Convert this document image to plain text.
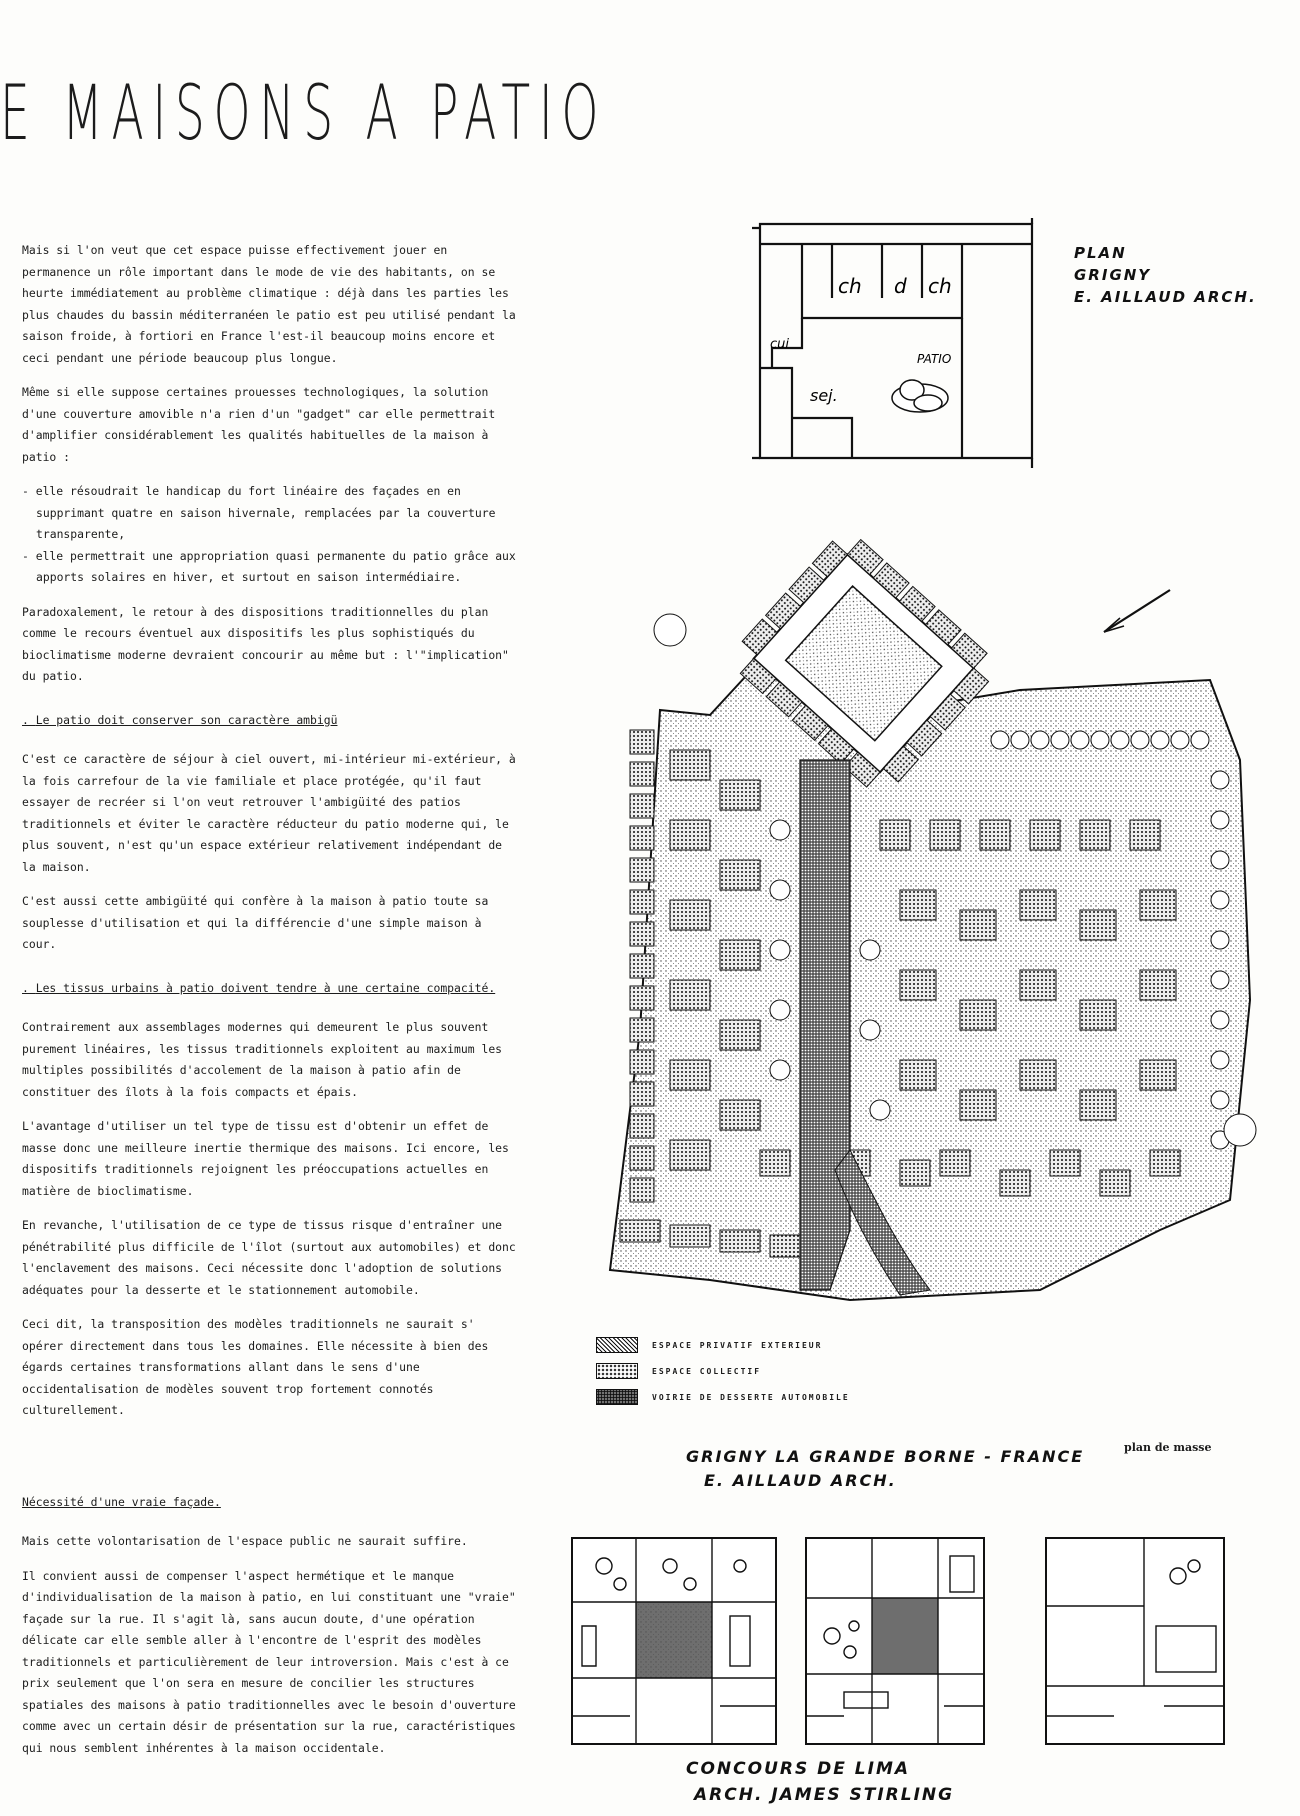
E MAISONS A PATIO

Mais si l'on veut que cet espace puisse effectivement jouer en permanence un rôle important dans le mode de vie des habitants, on se heurte immédiatement au problème climatique : déjà dans les parties les plus chaudes du bassin méditerranéen le patio est peu utilisé pendant la saison froide, à fortiori en France l'est-il beaucoup moins encore et ceci pendant une période beaucoup plus longue.

Même si elle suppose certaines prouesses technologiques, la solution d'une couverture amovible n'a rien d'un "gadget" car elle permettrait d'amplifier considérablement les qualités habituelles de la maison à patio :

- elle résoudrait le handicap du fort linéaire des façades en en supprimant quatre en saison hivernale, remplacées par la couverture transparente,
- elle permettrait une appropriation quasi permanente du patio grâce aux apports solaires en hiver, et surtout en saison intermédiaire.

Paradoxalement, le retour à des dispositions traditionnelles du plan comme le recours éventuel aux dispositifs les plus sophistiqués du bioclimatisme moderne devraient concourir au même but : l'"implication" du patio.

. Le patio doit conserver son caractère ambigü

C'est ce caractère de séjour à ciel ouvert, mi-intérieur mi-extérieur, à la fois carrefour de la vie familiale et place protégée, qu'il faut essayer de recréer si l'on veut retrouver l'ambigüité des patios traditionnels et éviter le caractère réducteur du patio moderne qui, le plus souvent, n'est qu'un espace extérieur relativement indépendant de la maison.

C'est aussi cette ambigüité qui confère à la maison à patio toute sa souplesse d'utilisation et qui la différencie d'une simple maison à cour.

. Les tissus urbains à patio doivent tendre à une certaine compacité.

Contrairement aux assemblages modernes qui demeurent le plus souvent purement linéaires, les tissus traditionnels exploitent au maximum les multiples possibilités d'accolement de la maison à patio afin de constituer des îlots à la fois compacts et épais.

L'avantage d'utiliser un tel type de tissu est d'obtenir un effet de masse donc une meilleure inertie thermique des maisons. Ici encore, les dispositifs traditionnels rejoignent les préoccupations actuelles en matière de bioclimatisme.

En revanche, l'utilisation de ce type de tissus risque d'entraîner une pénétrabilité plus difficile de l'îlot (surtout aux automobiles) et donc l'enclavement des maisons. Ceci nécessite donc l'adoption de solutions adéquates pour la desserte et le stationnement automobile.

Ceci dit, la transposition des modèles traditionnels ne saurait s' opérer directement dans tous les domaines. Elle nécessite à bien des égards certaines transformations allant dans le sens d'une occidentalisation de modèles souvent trop fortement connotés culturellement.

Nécessité d'une vraie façade.

Mais cette volontarisation de l'espace public ne saurait suffire.

Il convient aussi de compenser l'aspect hermétique et le manque d'individualisation de la maison à patio, en lui constituant une "vraie" façade sur la rue. Il s'agit là, sans aucun doute, d'une opération délicate car elle semble aller à l'encontre de l'esprit des modèles traditionnels et particulièrement de leur introversion. Mais c'est à ce prix seulement que l'on sera en mesure de concilier les structures spatiales des maisons à patio traditionnelles avec le besoin d'ouverture comme avec un certain désir de présentation sur la rue, caractéristiques qui nous semblent inhérentes à la maison occidentale.

ch d ch
cui
sej.
PATIO
PLAN
GRIGNY
E. AILLAUD ARCH.
ESPACE PRIVATIF EXTERIEUR
ESPACE COLLECTIF
VOIRIE DE DESSERTE AUTOMOBILE
GRIGNY LA GRANDE BORNE - FRANCE
E. AILLAUD ARCH.
plan de masse
CONCOURS DE LIMA
ARCH. JAMES STIRLING
